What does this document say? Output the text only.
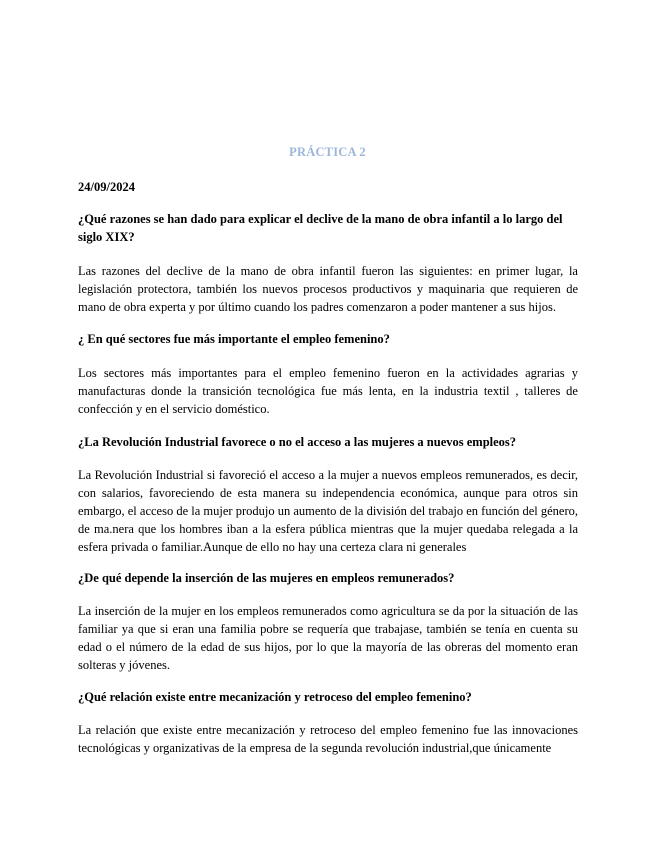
PRÁCTICA 2
24/09/2024
¿Qué razones se han dado para explicar el declive de la mano de obra infantil a lo largo del siglo XIX?
Las razones del declive de la mano de obra infantil fueron las siguientes: en primer lugar, la legislación protectora, también los nuevos procesos productivos y maquinaria que requieren de mano de obra experta y por último cuando los padres comenzaron a poder mantener a sus hijos.
¿ En qué sectores fue más importante el empleo femenino?
Los sectores más importantes para el empleo femenino fueron en la actividades agrarias y manufacturas donde la transición tecnológica fue más lenta, en la industria textil , talleres de confección y en el servicio doméstico.
¿La Revolución Industrial favorece o no el acceso a las mujeres a nuevos empleos?
La Revolución Industrial si favoreció el acceso a la mujer a nuevos empleos remunerados, es decir, con salarios, favoreciendo de esta manera su independencia económica, aunque para otros sin embargo, el acceso de la mujer produjo un aumento de la división del trabajo en función del género, de ma.nera que los hombres iban a la esfera pública mientras que la mujer quedaba relegada a la esfera privada o familiar.Aunque de ello no hay una certeza clara ni generales
¿De qué depende la inserción de las mujeres en empleos remunerados?
La inserción de la mujer en los empleos remunerados como agricultura se da por la situación de las familiar ya que si eran una familia pobre se requería que trabajase, también se tenía en cuenta su edad o el número de la edad de sus hijos, por lo que la mayoría de las obreras del momento eran solteras y jóvenes.
¿Qué relación existe entre mecanización y retroceso del empleo femenino?
La relación que existe entre mecanización y retroceso del empleo femenino fue las innovaciones tecnológicas y organizativas de la empresa de la segunda revolución industrial,que únicamente
